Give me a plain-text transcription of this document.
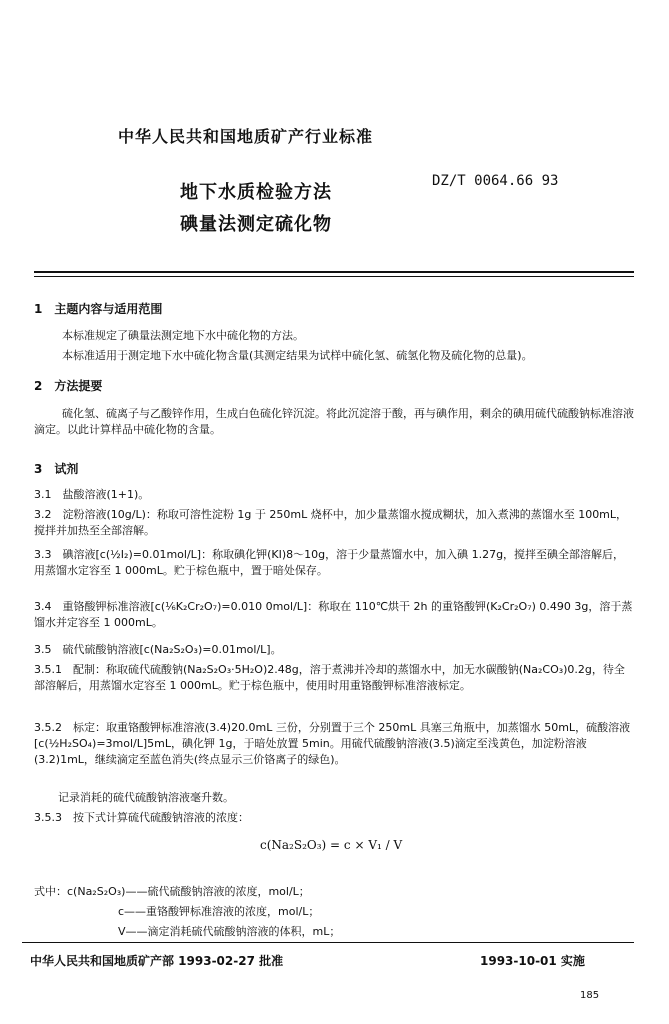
中华人民共和国地质矿产行业标准
地下水质检验方法
碘量法测定硫化物
DZ/T 0064.66 93
1　主题内容与适用范围
本标准规定了碘量法测定地下水中硫化物的方法。
本标准适用于测定地下水中硫化物含量(其测定结果为试样中硫化氢、硫氢化物及硫化物的总量)。
2　方法提要
硫化氢、硫离子与乙酸锌作用，生成白色硫化锌沉淀。将此沉淀溶于酸，再与碘作用，剩余的碘用硫代硫酸钠标准溶液滴定。以此计算样品中硫化物的含量。
3　试剂
3.1　盐酸溶液(1+1)。
3.2　淀粉溶液(10g/L)：称取可溶性淀粉 1g 于 250mL 烧杯中，加少量蒸馏水搅成糊状，加入煮沸的蒸馏水至 100mL，搅拌并加热至全部溶解。
3.3　碘溶液[c(½I₂)=0.01mol/L]：称取碘化钾(KI)8～10g，溶于少量蒸馏水中，加入碘 1.27g，搅拌至碘全部溶解后，用蒸馏水定容至 1 000mL。贮于棕色瓶中，置于暗处保存。
3.4　重铬酸钾标准溶液[c(⅙K₂Cr₂O₇)=0.010 0mol/L]：称取在 110℃烘干 2h 的重铬酸钾(K₂Cr₂O₇) 0.490 3g，溶于蒸馏水并定容至 1 000mL。
3.5　硫代硫酸钠溶液[c(Na₂S₂O₃)=0.01mol/L]。
3.5.1　配制：称取硫代硫酸钠(Na₂S₂O₃·5H₂O)2.48g，溶于煮沸并冷却的蒸馏水中，加无水碳酸钠(Na₂CO₃)0.2g，待全部溶解后，用蒸馏水定容至 1 000mL。贮于棕色瓶中，使用时用重铬酸钾标准溶液标定。
3.5.2　标定：取重铬酸钾标准溶液(3.4)20.0mL 三份，分别置于三个 250mL 具塞三角瓶中，加蒸馏水 50mL，硫酸溶液[c(½H₂SO₄)=3mol/L]5mL，碘化钾 1g，于暗处放置 5min。用硫代硫酸钠溶液(3.5)滴定至浅黄色，加淀粉溶液(3.2)1mL，继续滴定至蓝色消失(终点显示三价铬离子的绿色)。
记录消耗的硫代硫酸钠溶液毫升数。
3.5.3　按下式计算硫代硫酸钠溶液的浓度：
c(Na₂S₂O₃) = c × V₁ / V
式中：c(Na₂S₂O₃)——硫代硫酸钠溶液的浓度，mol/L；
c——重铬酸钾标准溶液的浓度，mol/L；
V——滴定消耗硫代硫酸钠溶液的体积，mL；
中华人民共和国地质矿产部 1993-02-27 批准	1993-10-01 实施
185
